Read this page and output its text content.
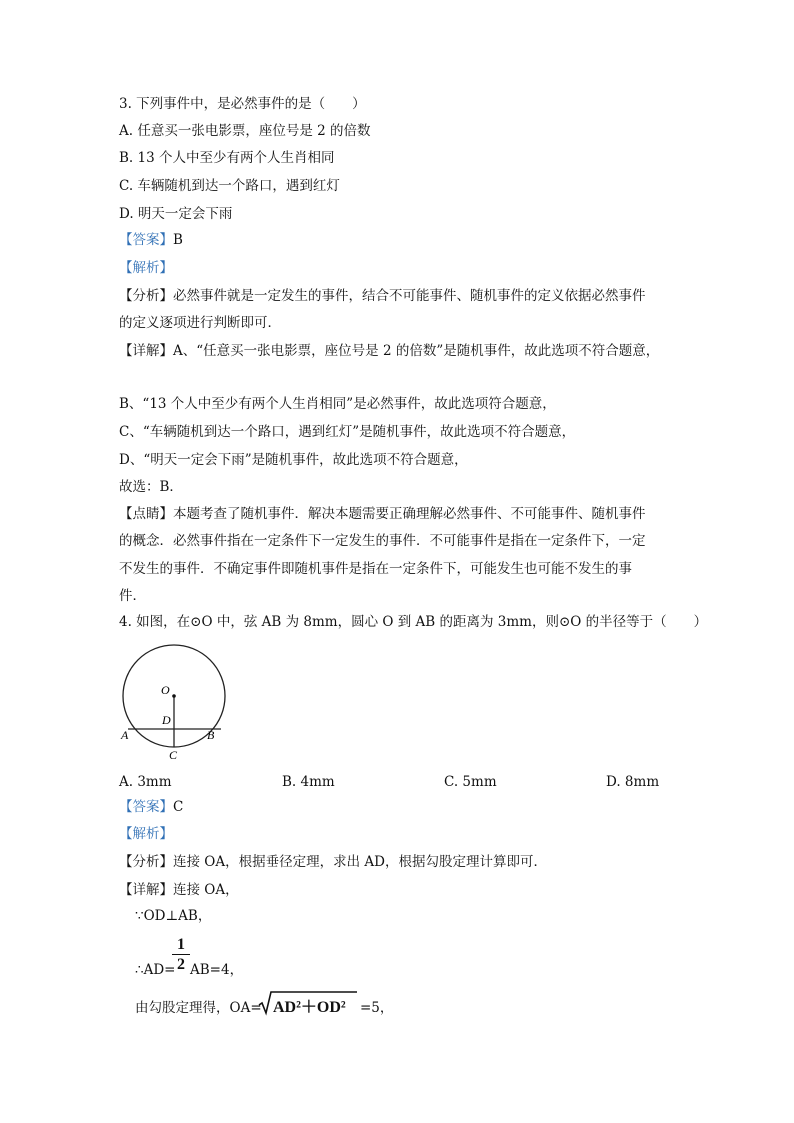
3. 下列事件中，是必然事件的是（　　）
A. 任意买一张电影票，座位号是 2 的倍数
B. 13 个人中至少有两个人生肖相同
C. 车辆随机到达一个路口，遇到红灯
D. 明天一定会下雨
【答案】B
【解析】
【分析】必然事件就是一定发生的事件，结合不可能事件、随机事件的定义依据必然事件
的定义逐项进行判断即可．
【详解】A、“任意买一张电影票，座位号是 2 的倍数”是随机事件，故此选项不符合题意，
B、“13 个人中至少有两个人生肖相同”是必然事件，故此选项符合题意，
C、“车辆随机到达一个路口，遇到红灯”是随机事件，故此选项不符合题意，
D、“明天一定会下雨”是随机事件，故此选项不符合题意，
故选：B．
【点睛】本题考查了随机事件．解决本题需要正确理解必然事件、不可能事件、随机事件
的概念．必然事件指在一定条件下一定发生的事件．不可能事件是指在一定条件下，一定
不发生的事件．不确定事件即随机事件是指在一定条件下，可能发生也可能不发生的事
件．
4. 如图，在⊙O 中，弦 AB 为 8mm，圆心 O 到 AB 的距离为 3mm，则⊙O 的半径等于（　　）
O
D
A	B
C
A. 3mm	B. 4mm	C. 5mm	D. 8mm
【答案】C
【解析】
【分析】连接 OA，根据垂径定理，求出 AD，根据勾股定理计算即可．
【详解】连接 OA，
∵OD⊥AB，
∴AD=
1
2 AB=4，
由勾股定理得，OA= AD²＋OD² =5，
